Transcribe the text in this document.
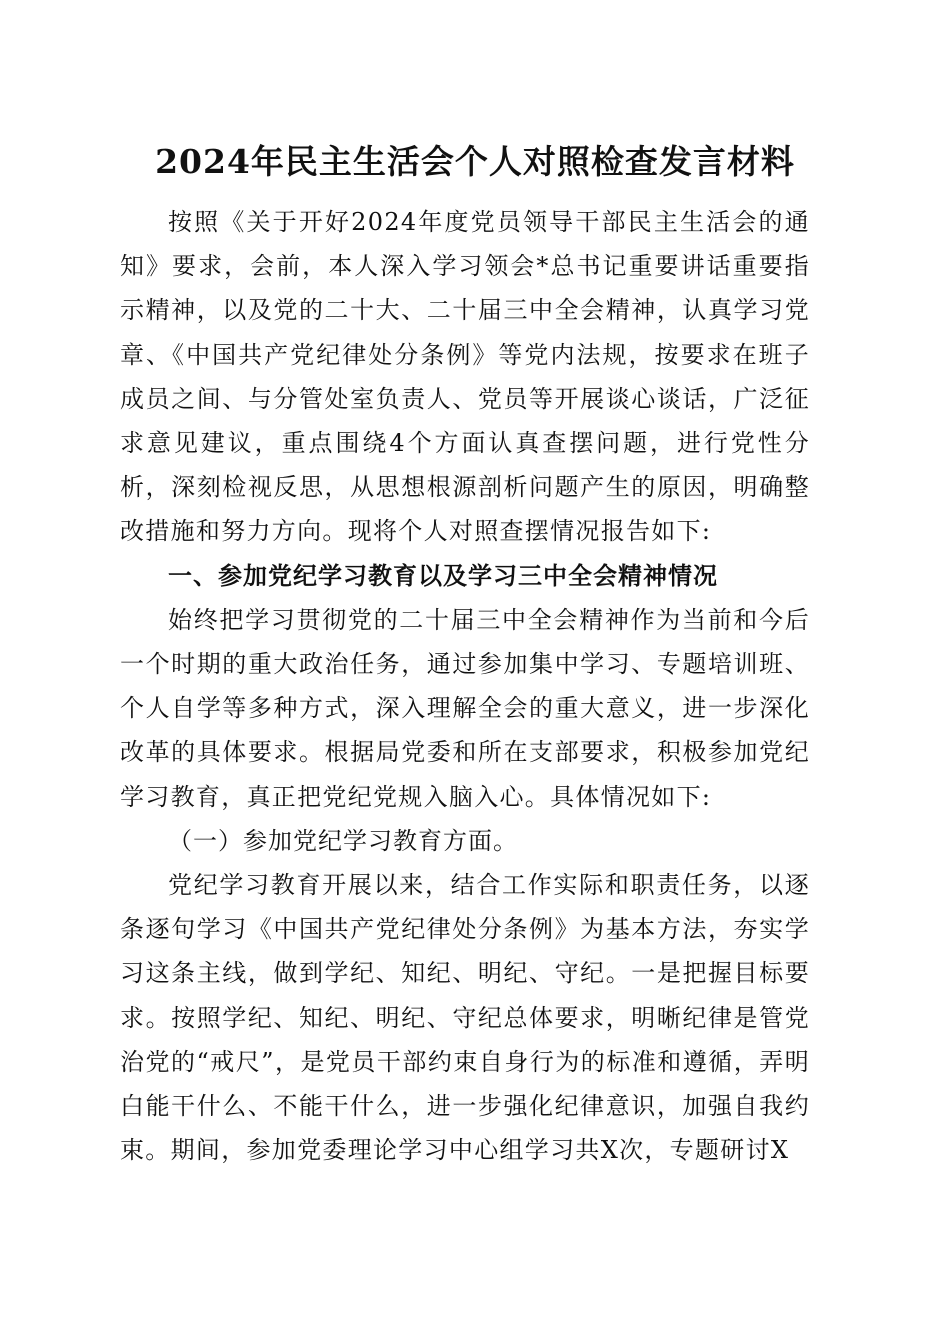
2024年民主生活会个人对照检查发言材料

按照《关于开好2024年度党员领导干部民主生活会的通知》要求，会前，本人深入学习领会*总书记重要讲话重要指示精神，以及党的二十大、二十届三中全会精神，认真学习党章、《中国共产党纪律处分条例》等党内法规，按要求在班子成员之间、与分管处室负责人、党员等开展谈心谈话，广泛征求意见建议，重点围绕4个方面认真查摆问题，进行党性分析，深刻检视反思，从思想根源剖析问题产生的原因，明确整改措施和努力方向。现将个人对照查摆情况报告如下:

一、参加党纪学习教育以及学习三中全会精神情况

始终把学习贯彻党的二十届三中全会精神作为当前和今后一个时期的重大政治任务，通过参加集中学习、专题培训班、个人自学等多种方式，深入理解全会的重大意义，进一步深化改革的具体要求。根据局党委和所在支部要求，积极参加党纪学习教育，真正把党纪党规入脑入心。具体情况如下:

（一）参加党纪学习教育方面。

党纪学习教育开展以来，结合工作实际和职责任务，以逐条逐句学习《中国共产党纪律处分条例》为基本方法，夯实学习这条主线，做到学纪、知纪、明纪、守纪。一是把握目标要求。按照学纪、知纪、明纪、守纪总体要求，明晰纪律是管党治党的“戒尺”，是党员干部约束自身行为的标准和遵循，弄明白能干什么、不能干什么，进一步强化纪律意识，加强自我约束。期间，参加党委理论学习中心组学习共X次，专题研讨X
